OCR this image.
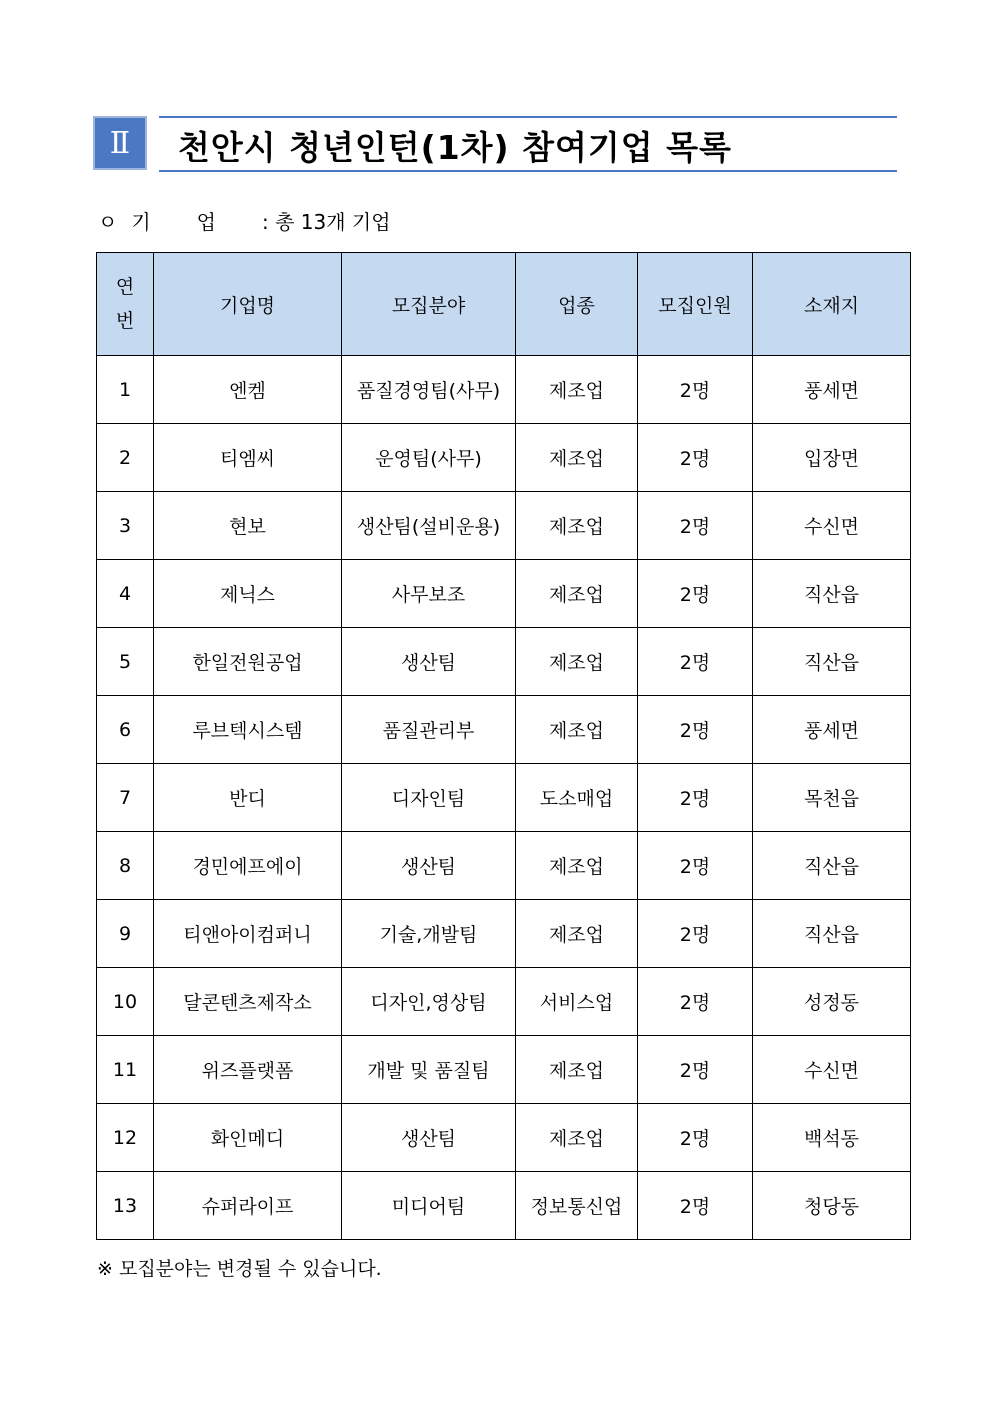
Ⅱ	천안시 청년인턴(1차) 참여기업 목록
ㅇ 기업: 총 13개 기업
연
번	기업명	모집분야	업종	모집인원	소재지
1	엔켐	품질경영팀(사무)	제조업	2명	풍세면
2	티엠씨	운영팀(사무)	제조업	2명	입장면
3	현보	생산팀(설비운용)	제조업	2명	수신면
4	제닉스	사무보조	제조업	2명	직산읍
5	한일전원공업	생산팀	제조업	2명	직산읍
6	루브텍시스템	품질관리부	제조업	2명	풍세면
7	반디	디자인팀	도소매업	2명	목천읍
8	경민에프에이	생산팀	제조업	2명	직산읍
9	티앤아이컴퍼니	기술,개발팀	제조업	2명	직산읍
10	달콘텐츠제작소	디자인,영상팀	서비스업	2명	성정동
11	위즈플랫폼	개발 및 품질팀	제조업	2명	수신면
12	화인메디	생산팀	제조업	2명	백석동
13	슈퍼라이프	미디어팀	정보통신업	2명	청당동
※ 모집분야는 변경될 수 있습니다.
